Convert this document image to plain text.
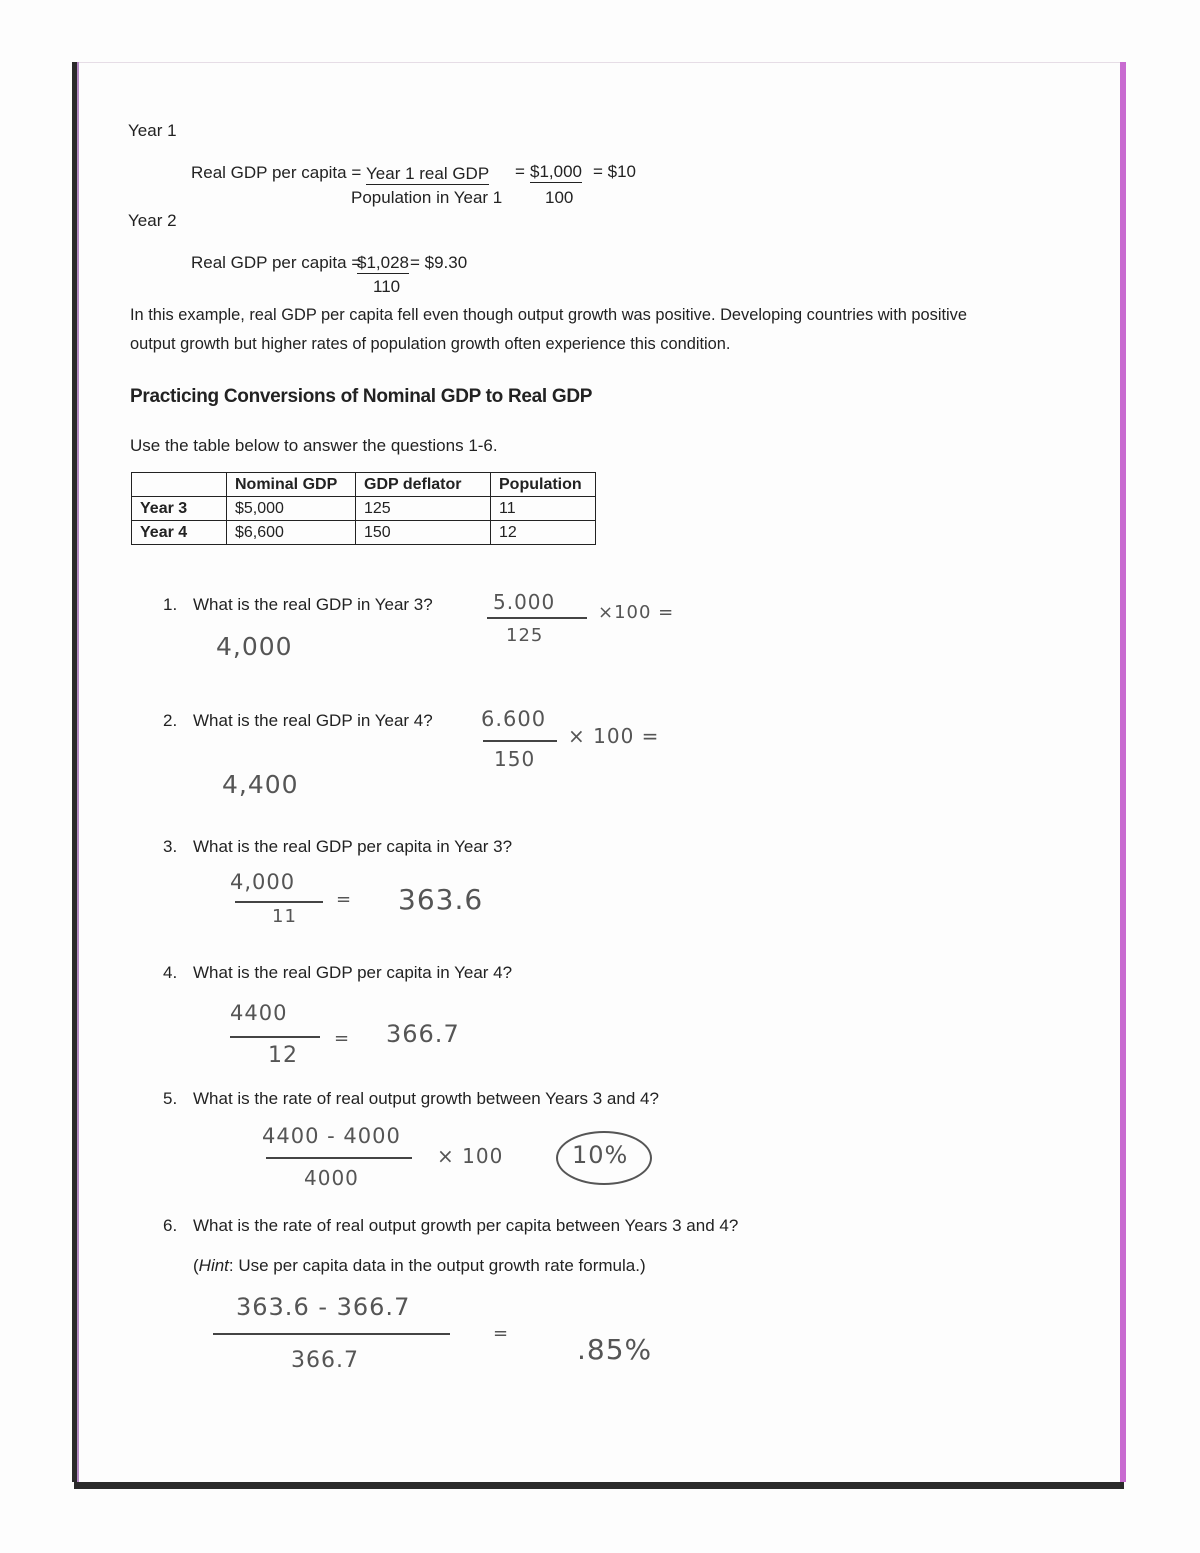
Year 1
Real GDP per capita = Year 1 real GDP
Population in Year 1
= $1,000
100
= $10
Year 2
Real GDP per capita =
$1,028 = $9.30
110
In this example, real GDP per capita fell even though output growth was positive. Developing countries with positive
output growth but higher rates of population growth often experience this condition.
Practicing Conversions of Nominal GDP to Real GDP
Use the table below to answer the questions 1-6.
	Nominal GDP	GDP deflator	Population
Year 3	$5,000	125	11
Year 4	$6,600	150	12
1. What is the real GDP in Year 3?	5.000
125
×100 =
4,000
2. What is the real GDP in Year 4? 6.600
150
× 100 =
4,400
3. What is the real GDP per capita in Year 3?
4,000
11
= 363.6
4. What is the real GDP per capita in Year 4?
4400
12
= 366.7
5. What is the rate of real output growth between Years 3 and 4?
4400 - 4000
4000
× 100	10%
6. What is the rate of real output growth per capita between Years 3 and 4?
(Hint: Use per capita data in the output growth rate formula.)
363.6 - 366.7
366.7
= .85%
